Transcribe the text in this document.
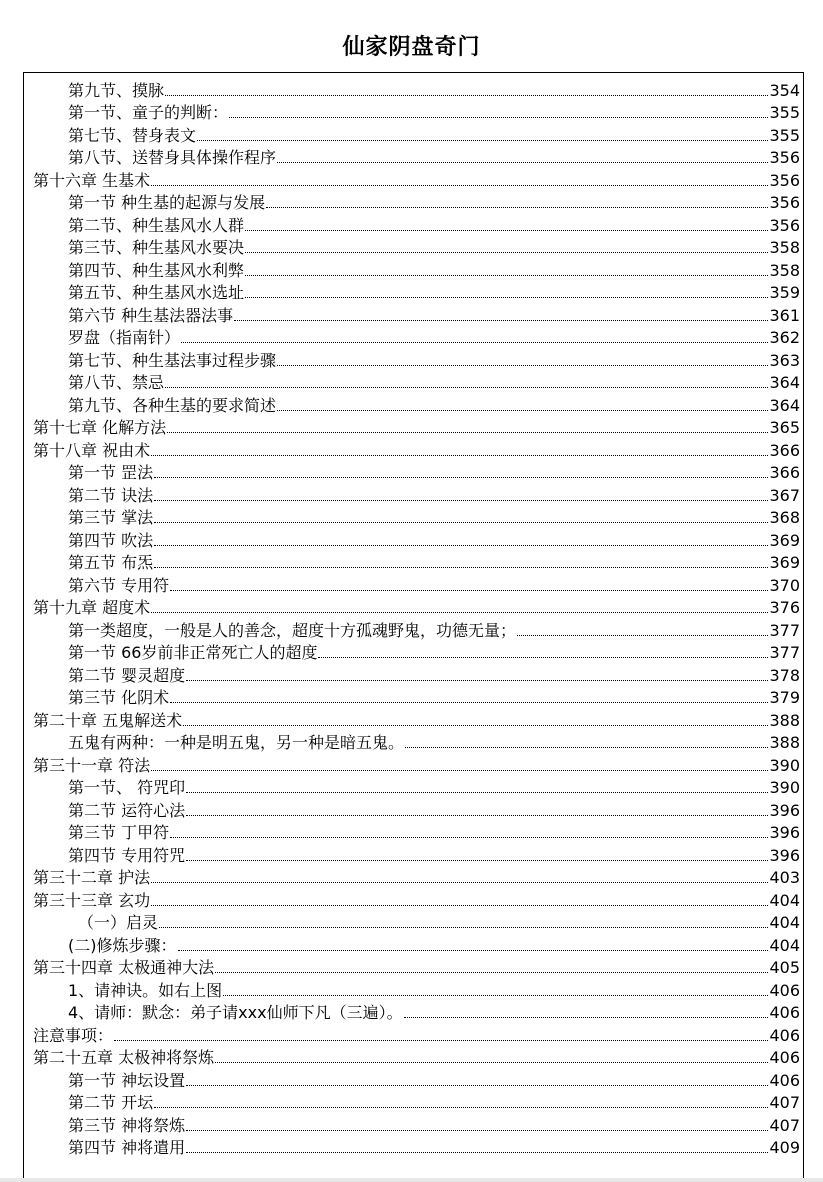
仙家阴盘奇门
第九节、摸脉	354
第一节、童子的判断：	355
第七节、替身表文	355
第八节、送替身具体操作程序	356
第十六章 生基术	356
第一节 种生基的起源与发展	356
第二节、种生基风水人群	356
第三节、种生基风水要决	358
第四节、种生基风水利弊	358
第五节、种生基风水选址	359
第六节 种生基法器法事	361
罗盘（指南针）	362
第七节、种生基法事过程步骤	363
第八节、禁忌	364
第九节、各种生基的要求简述	364
第十七章 化解方法	365
第十八章 祝由术	366
第一节 罡法	366
第二节 诀法	367
第三节 掌法	368
第四节 吹法	369
第五节 布炁	369
第六节 专用符	370
第十九章 超度术	376
第一类超度，一般是人的善念，超度十方孤魂野鬼，功德无量；	377
第一节 66岁前非正常死亡人的超度	377
第二节 婴灵超度	378
第三节 化阴术	379
第二十章 五鬼解送术	388
五鬼有两种：一种是明五鬼，另一种是暗五鬼。	388
第三十一章 符法	390
第一节、 符咒印	390
第二节 运符心法	396
第三节 丁甲符	396
第四节 专用符咒	396
第三十二章 护法	403
第三十三章 玄功	404
（一）启灵	404
(二)修炼步骤：	404
第三十四章 太极通神大法	405
1、请神诀。如右上图	406
4、请师：默念：弟子请xxx仙师下凡（三遍）。	406
注意事项：	406
第二十五章 太极神将祭炼	406
第一节 神坛设置	406
第二节 开坛	407
第三节 神将祭炼	407
第四节 神将遣用	409
